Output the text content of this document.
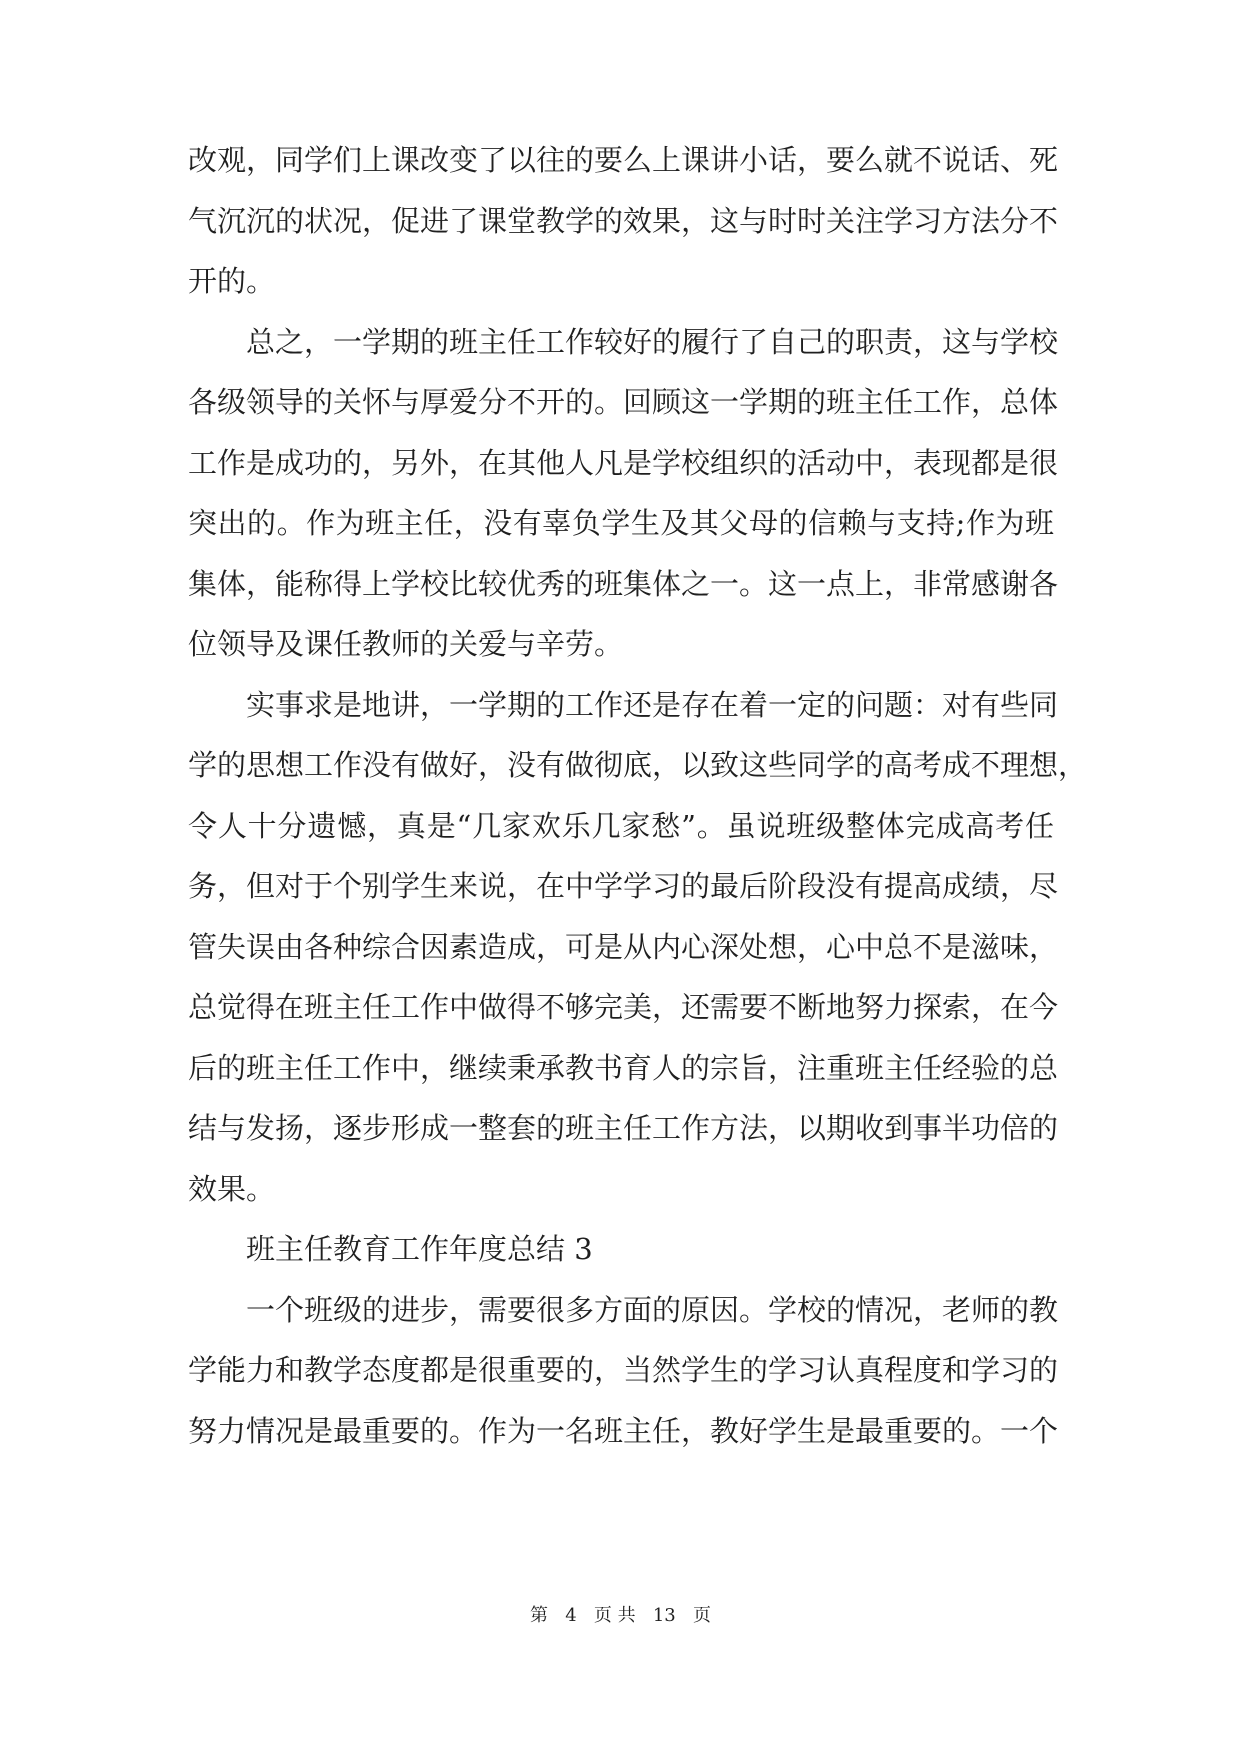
改观，同学们上课改变了以往的要么上课讲小话，要么就不说话、死
气沉沉的状况，促进了课堂教学的效果，这与时时关注学习方法分不
开的。
总之，一学期的班主任工作较好的履行了自己的职责，这与学校
各级领导的关怀与厚爱分不开的。回顾这一学期的班主任工作，总体
工作是成功的，另外，在其他人凡是学校组织的活动中，表现都是很
突出的。作为班主任，没有辜负学生及其父母的信赖与支持;作为班
集体，能称得上学校比较优秀的班集体之一。这一点上，非常感谢各
位领导及课任教师的关爱与辛劳。
实事求是地讲，一学期的工作还是存在着一定的问题：对有些同
学的思想工作没有做好，没有做彻底，以致这些同学的高考成不理想，
令人十分遗憾，真是“几家欢乐几家愁”。虽说班级整体完成高考任
务，但对于个别学生来说，在中学学习的最后阶段没有提高成绩，尽
管失误由各种综合因素造成，可是从内心深处想，心中总不是滋味，
总觉得在班主任工作中做得不够完美，还需要不断地努力探索，在今
后的班主任工作中，继续秉承教书育人的宗旨，注重班主任经验的总
结与发扬，逐步形成一整套的班主任工作方法，以期收到事半功倍的
效果。
班主任教育工作年度总结 3
一个班级的进步，需要很多方面的原因。学校的情况，老师的教
学能力和教学态度都是很重要的，当然学生的学习认真程度和学习的
努力情况是最重要的。作为一名班主任，教好学生是最重要的。一个
第 4 页 共 13 页
